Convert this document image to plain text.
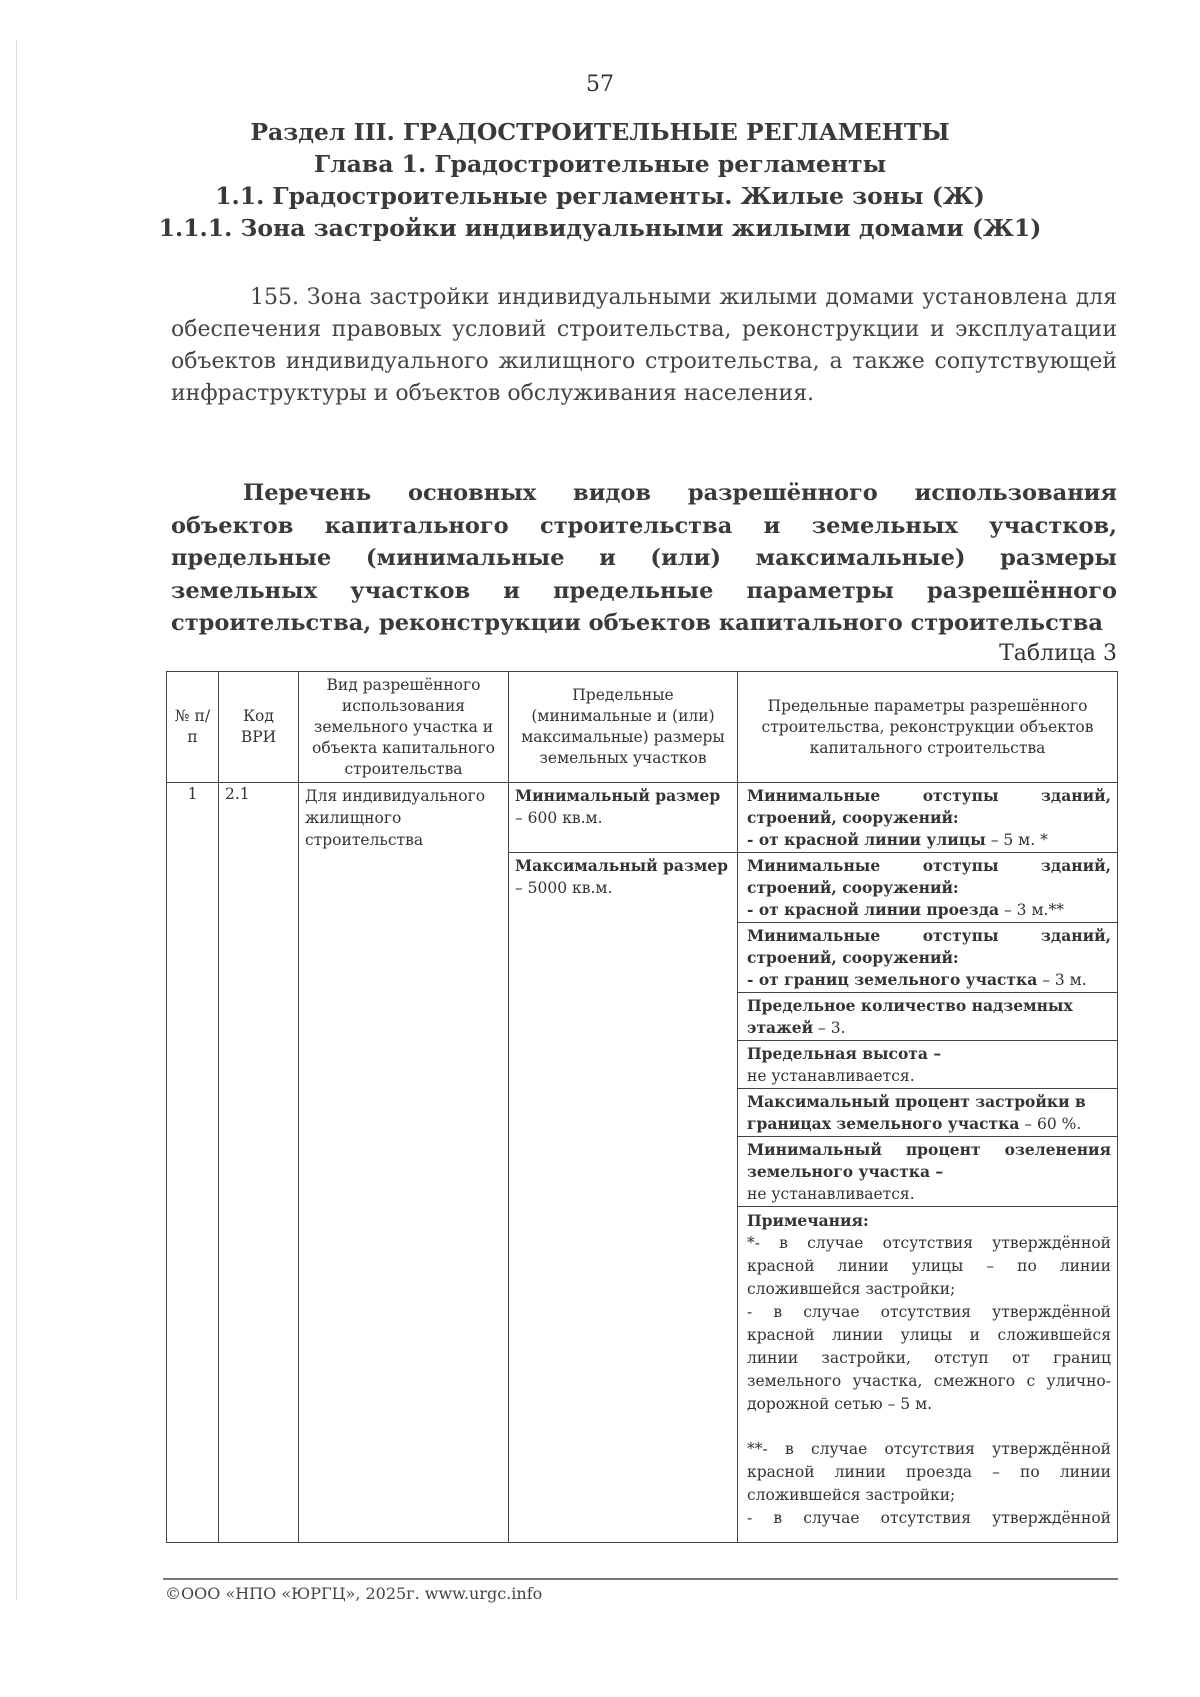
57
Раздел III. ГРАДОСТРОИТЕЛЬНЫЕ РЕГЛАМЕНТЫ
Глава 1. Градостроительные регламенты
1.1. Градостроительные регламенты. Жилые зоны (Ж)
1.1.1. Зона застройки индивидуальными жилыми домами (Ж1)

155. Зона застройки индивидуальными жилыми домами установлена для обеспечения правовых условий строительства, реконструкции и эксплуатации объектов индивидуального жилищного строительства, а также сопутствующей инфраструктуры и объектов обслуживания населения.

Перечень основных видов разрешённого использования объектов капитального строительства и земельных участков, предельные (минимальные и (или) максимальные) размеры земельных участков и предельные параметры разрешённого строительства, реконструкции объектов капитального строительства

Таблица 3
№ п/п	Код ВРИ	Вид разрешённого использования земельного участка и объекта капитального строительства	Предельные (минимальные и (или) максимальные) размеры земельных участков	Предельные параметры разрешённого строительства, реконструкции объектов капитального строительства
1	2.1	Для индивидуального жилищного строительства	Минимальный размер – 600 кв.м.	Минимальные отступы зданий, строений, сооружений:
- от красной линии улицы – 5 м. *
			Максимальный размер – 5000 кв.м.	Минимальные отступы зданий, строений, сооружений:
- от красной линии проезда – 3 м.**

				Минимальные отступы зданий, строений, сооружений:
- от границ земельного участка – 3 м.
				Предельное количество надземных этажей – 3.

				Предельная высота –
не устанавливается.

				Максимальный процент застройки в границах земельного участка – 60 %.

				Минимальный процент озеленения земельного участка –
не устанавливается.

				Примечания:
*- в случае отсутствия утверждённой красной линии улицы – по линии сложившейся застройки;
- в случае отсутствия утверждённой красной линии улицы и сложившейся линии застройки, отступ от границ земельного участка, смежного с улично-дорожной сетью – 5 м.
**- в случае отсутствия утверждённой красной линии проезда – по линии сложившейся застройки;
- в случае отсутствия утверждённой
©ООО «НПО «ЮРГЦ», 2025г. www.urgc.info
